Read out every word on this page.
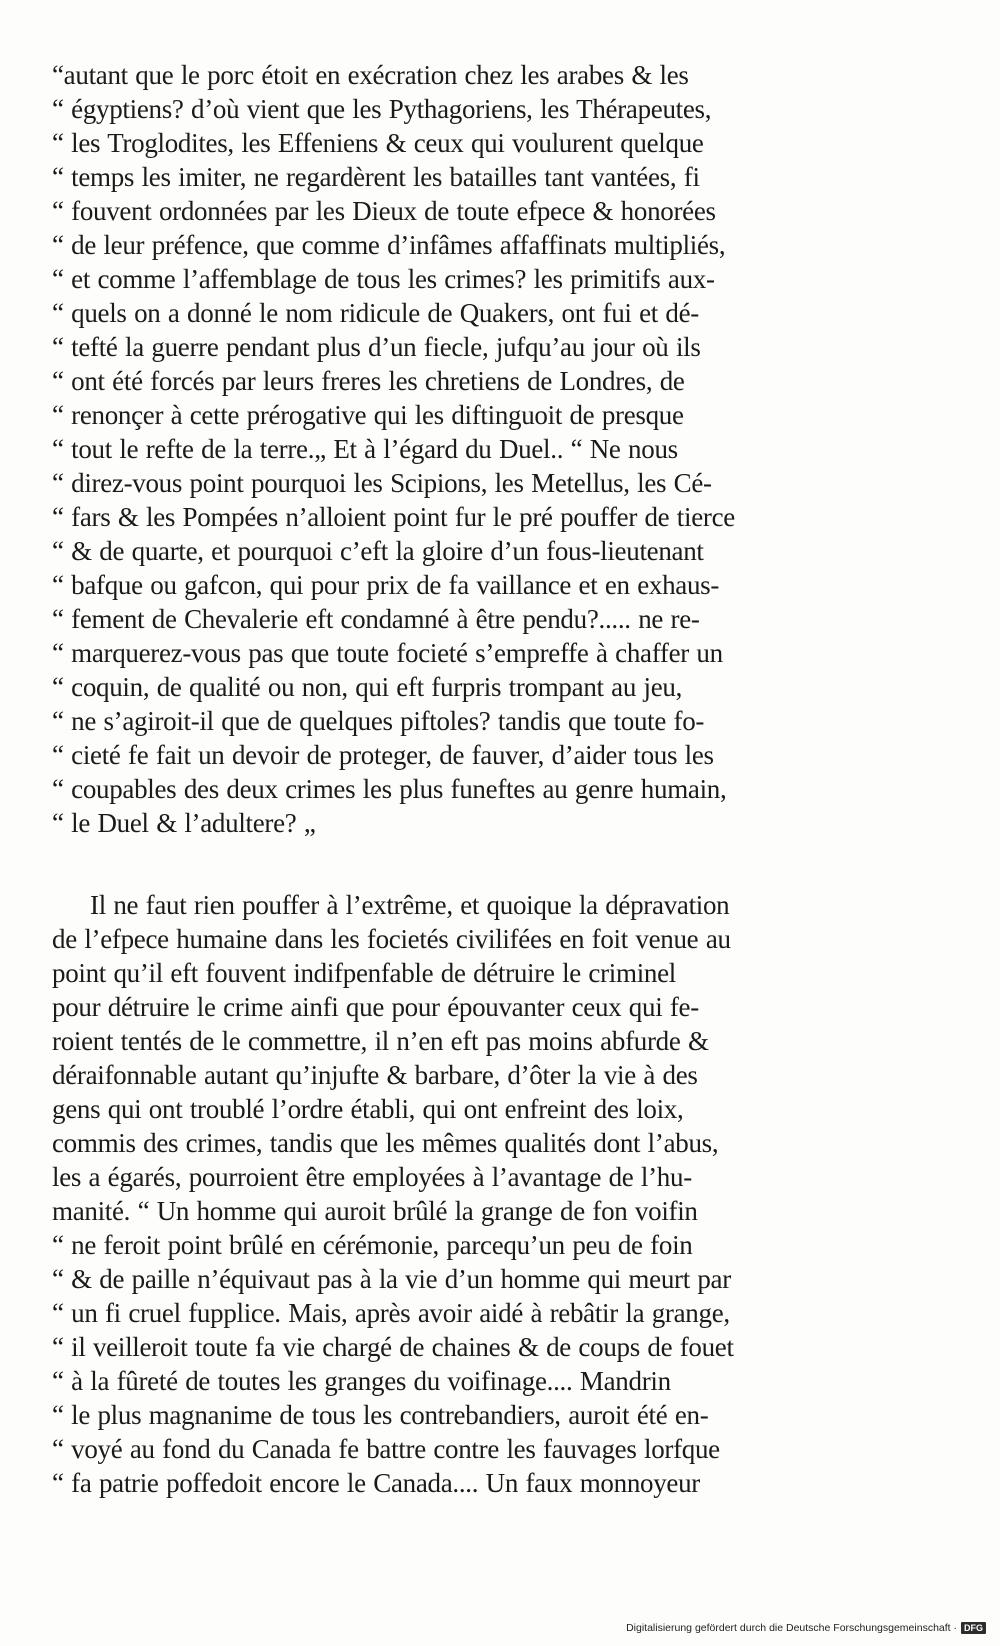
“autant que le porc étoit en exécration chez les arabes & les
“ égyptiens? d’où vient que les Pythagoriens, les Thérapeutes,
“ les Troglodites, les Effeniens & ceux qui voulurent quelque
“ temps les imiter, ne regardèrent les batailles tant vantées, fi
“ fouvent ordonnées par les Dieux de toute efpece & honorées
“ de leur préfence, que comme d’infâmes affaffinats multipliés,
“ et comme l’affemblage de tous les crimes? les primitifs aux-
“ quels on a donné le nom ridicule de Quakers, ont fui et dé-
“ tefté la guerre pendant plus d’un fiecle, jufqu’au jour où ils
“ ont été forcés par leurs freres les chretiens de Londres, de
“ renonçer à cette prérogative qui les diftinguoit de presque
“ tout le refte de la terre.„ Et à l’égard du Duel.. “ Ne nous
“ direz-vous point pourquoi les Scipions, les Metellus, les Cé-
“ fars & les Pompées n’alloient point fur le pré pouffer de tierce
“ & de quarte, et pourquoi c’eft la gloire d’un fous-lieutenant
“ bafque ou gafcon, qui pour prix de fa vaillance et en exhaus-
“ fement de Chevalerie eft condamné à être pendu?..... ne re-
“ marquerez-vous pas que toute focieté s’empreffe à chaffer un
“ coquin, de qualité ou non, qui eft furpris trompant au jeu,
“ ne s’agiroit-il que de quelques piftoles? tandis que toute fo-
“ cieté fe fait un devoir de proteger, de fauver, d’aider tous les
“ coupables des deux crimes les plus funeftes au genre humain,
“ le Duel & l’adultere? „
Il ne faut rien pouffer à l’extrême, et quoique la dépravation
de l’efpece humaine dans les focietés civilifées en foit venue au
point qu’il eft fouvent indifpenfable de détruire le criminel
pour détruire le crime ainfi que pour épouvanter ceux qui fe-
roient tentés de le commettre, il n’en eft pas moins abfurde &
déraifonnable autant qu’injufte & barbare, d’ôter la vie à des
gens qui ont troublé l’ordre établi, qui ont enfreint des loix,
commis des crimes, tandis que les mêmes qualités dont l’abus,
les a égarés, pourroient être employées à l’avantage de l’hu-
manité. “ Un homme qui auroit brûlé la grange de fon voifin
“ ne feroit point brûlé en cérémonie, parcequ’un peu de foin
“ & de paille n’équivaut pas à la vie d’un homme qui meurt par
“ un fi cruel fupplice. Mais, après avoir aidé à rebâtir la grange,
“ il veilleroit toute fa vie chargé de chaines & de coups de fouet
“ à la fûreté de toutes les granges du voifinage.... Mandrin
“ le plus magnanime de tous les contrebandiers, auroit été en-
“ voyé au fond du Canada fe battre contre les fauvages lorfque
“ fa patrie poffedoit encore le Canada.... Un faux monnoyeur
Digitalisierung gefördert durch die Deutsche Forschungsgemeinschaft · DFG
